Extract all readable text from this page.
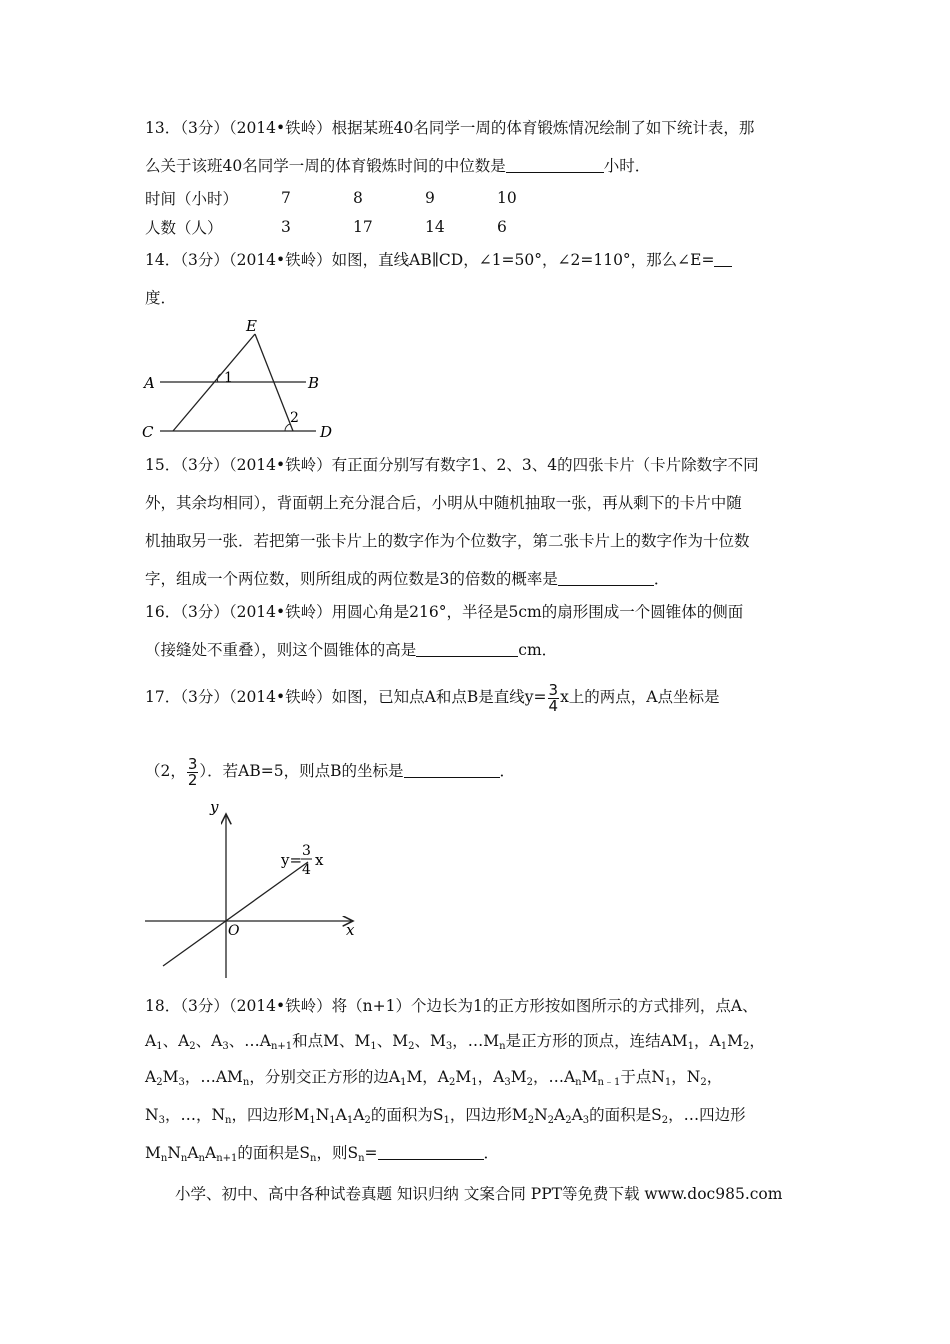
13．（3分）（2014•铁岭）根据某班40名同学一周的体育锻炼情况绘制了如下统计表，那
么关于该班40名同学一周的体育锻炼时间的中位数是	小时．
时间（小时）	7	8	9	10
人数（人）	3	17	14	6
14．（3分）（2014•铁岭）如图，直线AB∥CD，∠1=50°，∠2=110°，那么∠E=
度．
E
A	B
C	D
1
2
15．（3分）（2014•铁岭）有正面分别写有数字1、2、3、4的四张卡片（卡片除数字不同
外，其余均相同），背面朝上充分混合后，小明从中随机抽取一张，再从剩下的卡片中随
机抽取另一张．若把第一张卡片上的数字作为个位数字，第二张卡片上的数字作为十位数
字，组成一个两位数，则所组成的两位数是3的倍数的概率是	．
16．（3分）（2014•铁岭）用圆心角是216°，半径是5cm的扇形围成一个圆锥体的侧面
（接缝处不重叠），则这个圆锥体的高是	cm．
17．（3分）（2014•铁岭）如图，已知点A和点B是直线$y= \frac{3}{4}$ x上的两点，A点坐标是
（2， $\frac{3}{2}$ ）．若AB=5，则点B的坐标是	．
y
x
O
y= 3
4
x
18．（3分）（2014•铁岭）将（n+1）个边长为1的正方形按如图所示的方式排列，点A、
$A_1$、$A_2$、$A_3$、$\dots A_{n+1}$和点M、$M_1$、$M_2$、$M_3$，$\dots M_n$是正方形的顶点，连结$AM_1$，$A_1M_2$，
$A_2M_3$，$\dots AM_n$，分别交正方形的边$A_1M$，$A_2M_1$，$A_3M_2$，$\dots A_nM_{n﹣1}$于点$N_1$，$N_2$，
$N_3$，…，$N_n$，四边形$M_1N_1A_1A_2$的面积为$S_1$，四边形$M_2N_2A_2A_3$的面积是$S_2$，…四边形
$M_nN_nA_nA_{n+1}$的面积是$S_n$，则$S_n=$	．
小学、初中、高中各种试卷真题 知识归纳 文案合同 PPT等免费下载 www.doc985.com
